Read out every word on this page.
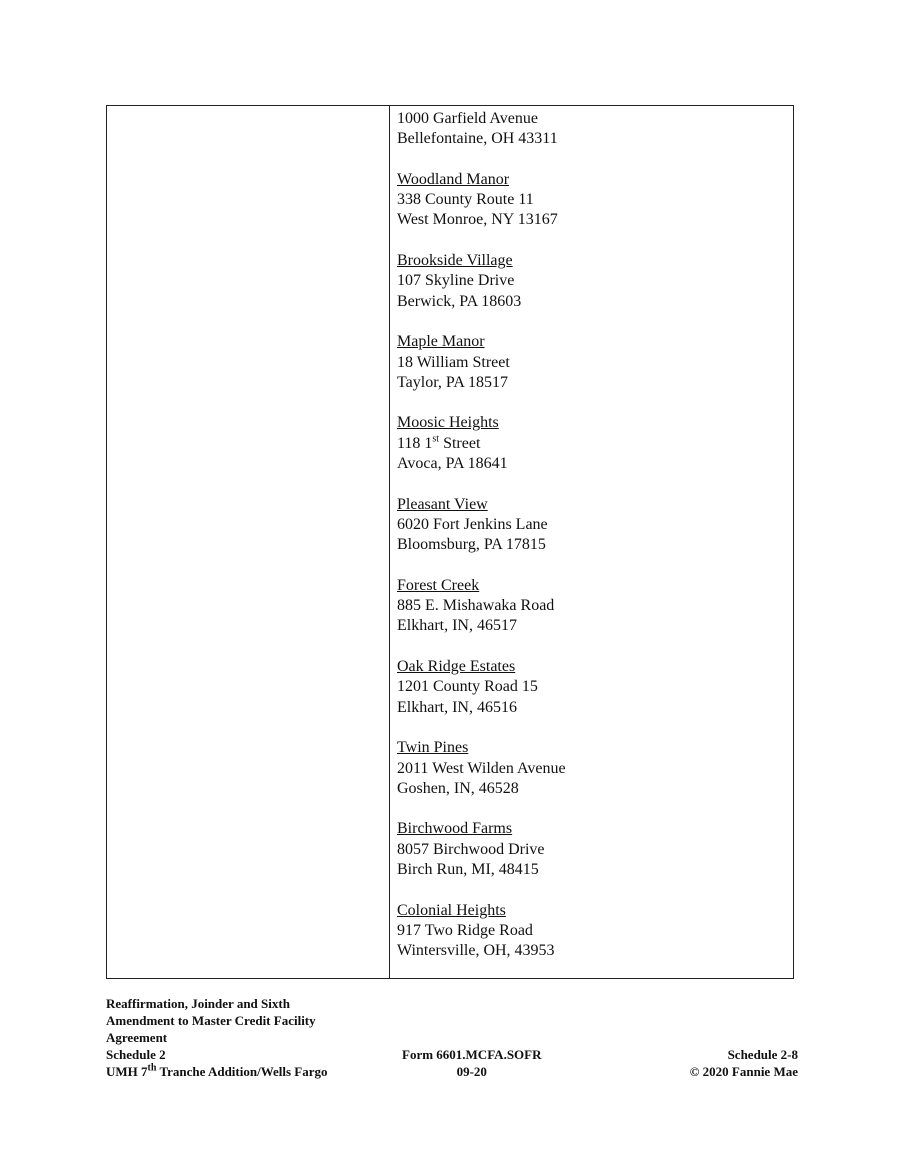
1000 Garfield Avenue
Bellefontaine, OH 43311
Woodland Manor
338 County Route 11
West Monroe, NY 13167
Brookside Village
107 Skyline Drive
Berwick, PA 18603
Maple Manor
18 William Street
Taylor, PA 18517
Moosic Heights
118 1st Street
Avoca, PA 18641
Pleasant View
6020 Fort Jenkins Lane
Bloomsburg, PA 17815
Forest Creek
885 E. Mishawaka Road
Elkhart, IN, 46517
Oak Ridge Estates
1201 County Road 15
Elkhart, IN, 46516
Twin Pines
2011 West Wilden Avenue
Goshen, IN, 46528
Birchwood Farms
8057 Birchwood Drive
Birch Run, MI, 48415
Colonial Heights
917 Two Ridge Road
Wintersville, OH, 43953
Reaffirmation, Joinder and Sixth
Amendment to Master Credit Facility
Agreement
Schedule 2
UMH 7th Tranche Addition/Wells Fargo
Form 6601.MCFA.SOFR
09-20
Schedule 2-8
© 2020 Fannie Mae
